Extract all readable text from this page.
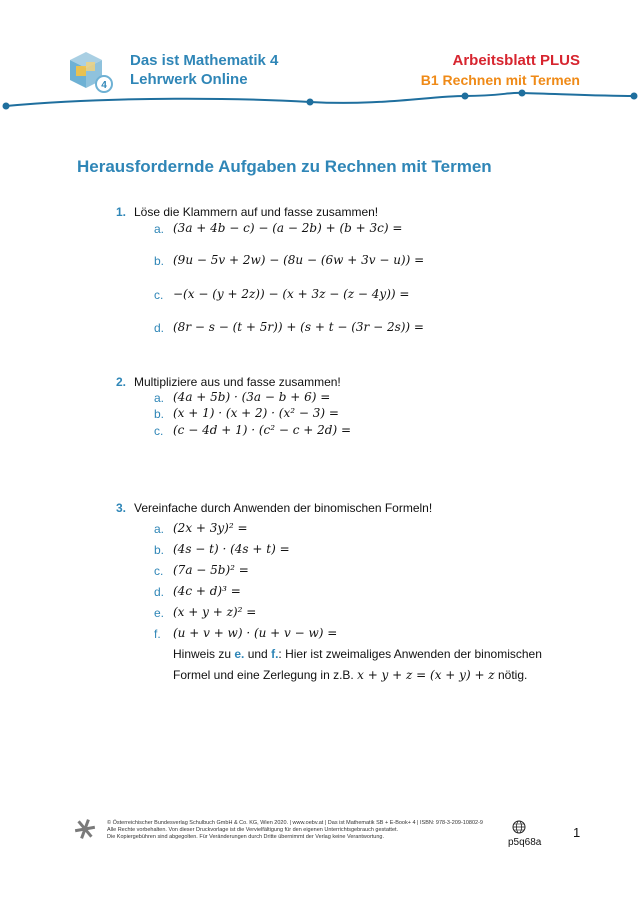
4
Das ist Mathematik 4
Lehrwerk Online
Arbeitsblatt PLUS
B1 Rechnen mit Termen
Herausfordernde Aufgaben zu Rechnen mit Termen
1. Löse die Klammern auf und fasse zusammen!
a. (3a + 4b − c) − (a − 2b) + (b + 3c) =
b. (9u − 5v + 2w) − (8u − (6w + 3v − u)) =
c. −(x − (y + 2z)) − (x + 3z − (z − 4y)) =
d. (8r − s − (t + 5r)) + (s + t − (3r − 2s)) =
2. Multipliziere aus und fasse zusammen!
a. (4a + 5b) · (3a − b + 6) =
b. (x + 1) · (x + 2) · (x² − 3) =
c. (c − 4d + 1) · (c² − c + 2d) =
3. Vereinfache durch Anwenden der binomischen Formeln!
a. (2x + 3y)² =
b. (4s − t) · (4s + t) =
c. (7a − 5b)² =
d. (4c + d)³ =
e. (x + y + z)² =
f. (u + v + w) · (u + v − w) =
Hinweis zu e. und f.: Hier ist zweimaliges Anwenden der binomischen
Formel und eine Zerlegung in z.B. x + y + z = (x + y) + z nötig.
© Österreichischer Bundesverlag Schulbuch GmbH & Co. KG, Wien 2020. | www.oebv.at | Das ist Mathematik SB + E-Book+ 4 | ISBN: 978-3-209-10802-9
Alle Rechte vorbehalten. Von dieser Druckvorlage ist die Vervielfältigung für den eigenen Unterrichtsgebrauch gestattet.
Die Kopiergebühren sind abgegolten. Für Veränderungen durch Dritte übernimmt der Verlag keine Verantwortung.	p5q68a
1
